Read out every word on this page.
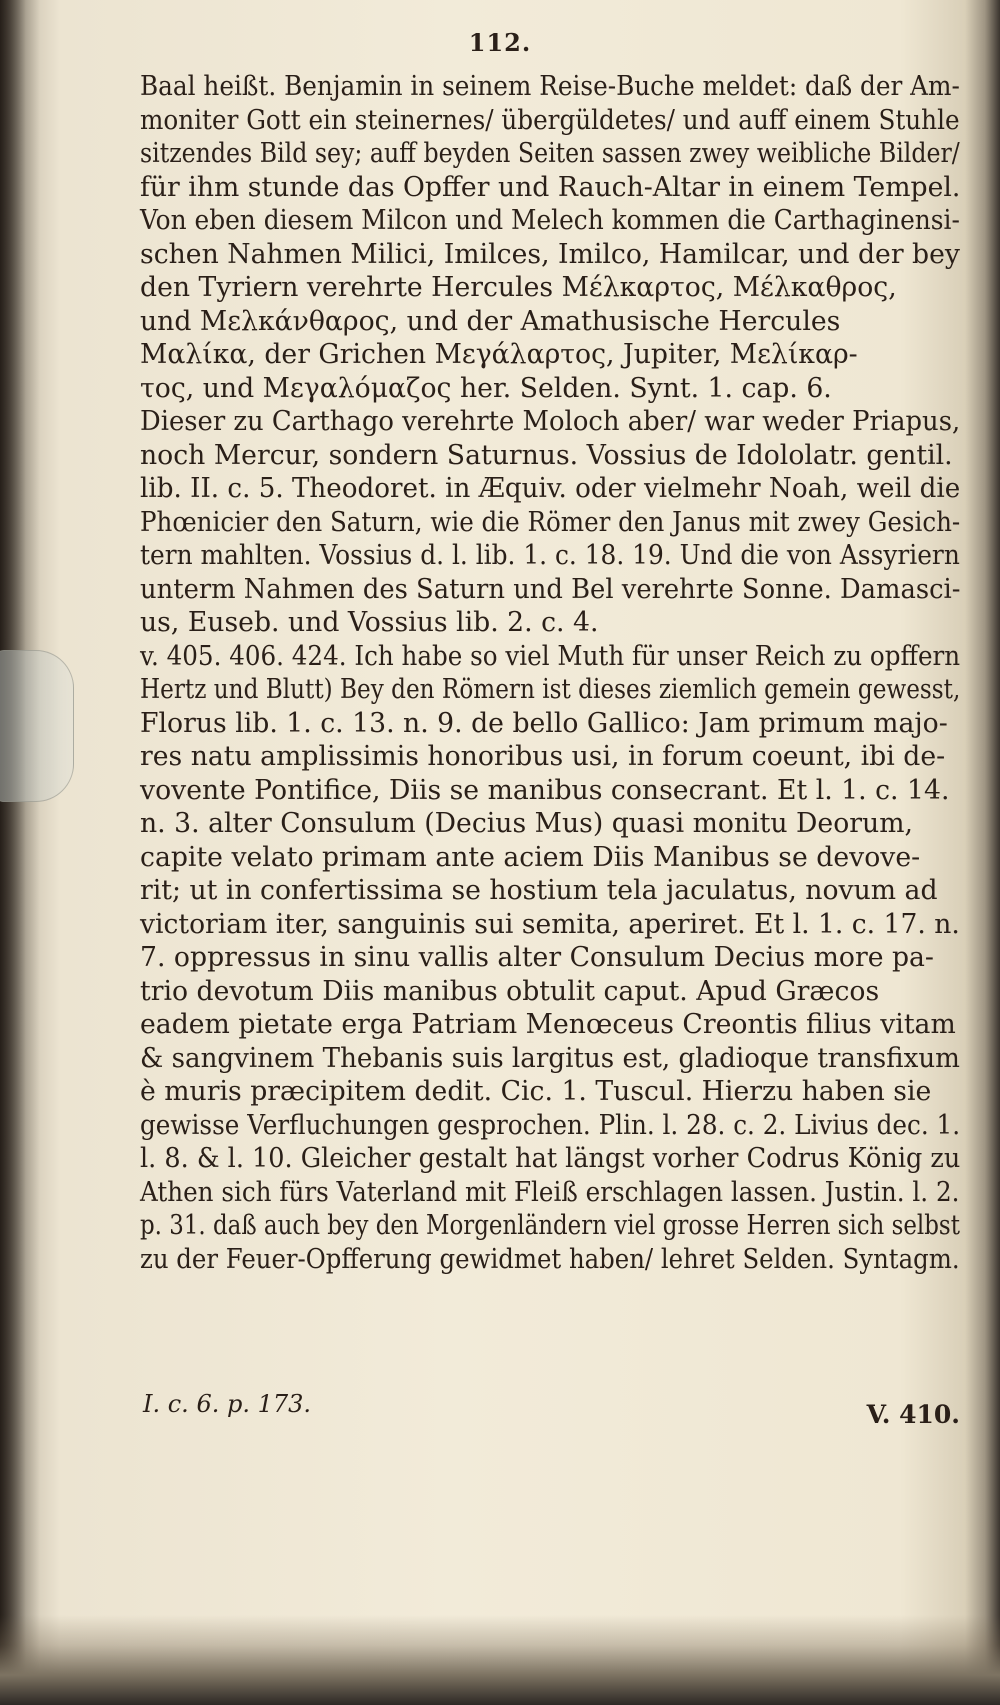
112.
Baal heißt. Benjamin in seinem Reise-Buche meldet: daß der Am-
moniter Gott ein steinernes/ übergüldetes/ und auff einem Stuhle
sitzendes Bild sey; auff beyden Seiten sassen zwey weibliche Bilder/
für ihm stunde das Opffer und Rauch-Altar in einem Tempel.
Von eben diesem Milcon und Melech kommen die Carthaginensi-
schen Nahmen Milici, Imilces, Imilco, Hamilcar, und der bey
den Tyriern verehrte Hercules Μέλκαρτος, Μέλκαθρος,
und Μελκάνθαρος, und der Amathusische Hercules
Μαλίκα, der Grichen Μεγάλαρτος, Jupiter, Μελίκαρ-
τος, und Μεγαλόμαζος her. Selden. Synt. 1. cap. 6.
Dieser zu Carthago verehrte Moloch aber/ war weder Priapus,
noch Mercur, sondern Saturnus. Vossius de Idololatr. gentil.
lib. II. c. 5. Theodoret. in Æquiv. oder vielmehr Noah, weil die
Phœnicier den Saturn, wie die Römer den Janus mit zwey Gesich-
tern mahlten. Vossius d. l. lib. 1. c. 18. 19. Und die von Assyriern
unterm Nahmen des Saturn und Bel verehrte Sonne. Damasci-
us, Euseb. und Vossius lib. 2. c. 4.
v. 405. 406. 424. Ich habe so viel Muth für unser Reich zu opffern
Hertz und Blutt) Bey den Römern ist dieses ziemlich gemein gewesst,
Florus lib. 1. c. 13. n. 9. de bello Gallico: Jam primum majo-
res natu amplissimis honoribus usi, in forum coeunt, ibi de-
vovente Pontifice, Diis se manibus consecrant. Et l. 1. c. 14.
n. 3. alter Consulum (Decius Mus) quasi monitu Deorum,
capite velato primam ante aciem Diis Manibus se devove-
rit; ut in confertissima se hostium tela jaculatus, novum ad
victoriam iter, sanguinis sui semita, aperiret. Et l. 1. c. 17. n.
7. oppressus in sinu vallis alter Consulum Decius more pa-
trio devotum Diis manibus obtulit caput. Apud Græcos
eadem pietate erga Patriam Menœceus Creontis filius vitam
& sangvinem Thebanis suis largitus est, gladioque transfixum
è muris præcipitem dedit. Cic. 1. Tuscul. Hierzu haben sie
gewisse Verfluchungen gesprochen. Plin. l. 28. c. 2. Livius dec. 1.
l. 8. & l. 10. Gleicher gestalt hat längst vorher Codrus König zu
Athen sich fürs Vaterland mit Fleiß erschlagen lassen. Justin. l. 2.
p. 31. daß auch bey den Morgenländern viel grosse Herren sich selbst
zu der Feuer-Opfferung gewidmet haben/ lehret Selden. Syntagm.
I. c. 6. p. 173.	V. 410.
